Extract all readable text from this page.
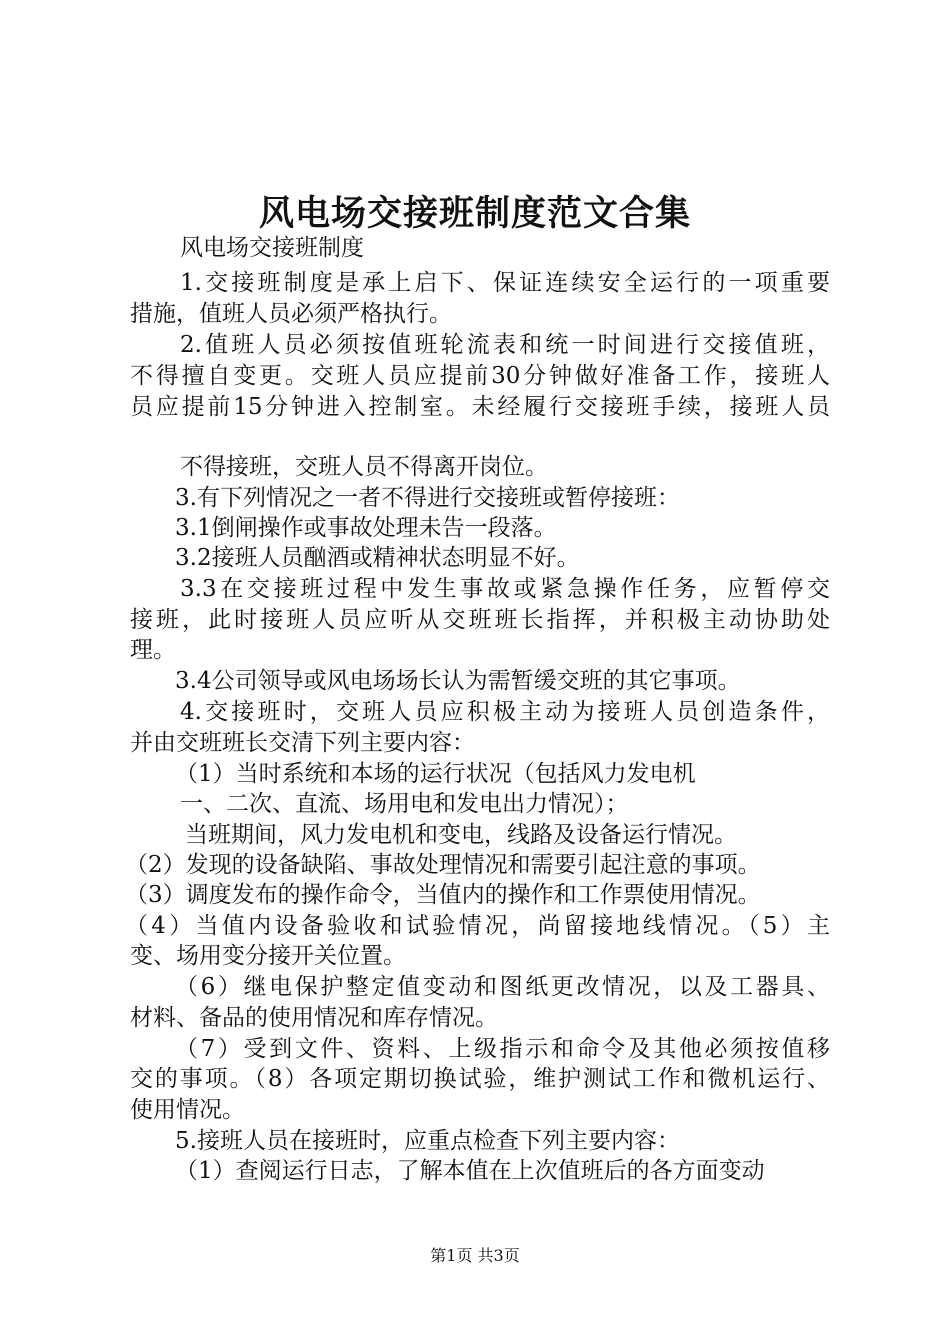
风电场交接班制度范文合集
风电场交接班制度
1.交接班制度是承上启下、保证连续安全运行的一项重要
措施，值班人员必须严格执行。
2.值班人员必须按值班轮流表和统一时间进行交接值班，
不得擅自变更。交班人员应提前30分钟做好准备工作，接班人
员应提前15分钟进入控制室。未经履行交接班手续，接班人员
不得接班，交班人员不得离开岗位。
3.有下列情况之一者不得进行交接班或暂停接班：
3.1倒闸操作或事故处理未告一段落。
3.2接班人员酗酒或精神状态明显不好。
3.3在交接班过程中发生事故或紧急操作任务，应暂停交
接班，此时接班人员应听从交班班长指挥，并积极主动协助处
理。
3.4公司领导或风电场场长认为需暂缓交班的其它事项。
4.交接班时，交班人员应积极主动为接班人员创造条件，
并由交班班长交清下列主要内容：
（1）当时系统和本场的运行状况（包括风力发电机
一、二次、直流、场用电和发电出力情况）；
当班期间，风力发电机和变电，线路及设备运行情况。
（2）发现的设备缺陷、事故处理情况和需要引起注意的事项。
（3）调度发布的操作命令，当值内的操作和工作票使用情况。
（4）当值内设备验收和试验情况，尚留接地线情况。（5）主
变、场用变分接开关位置。
（6）继电保护整定值变动和图纸更改情况，以及工器具、
材料、备品的使用情况和库存情况。
（7）受到文件、资料、上级指示和命令及其他必须按值移
交的事项。（8）各项定期切换试验，维护测试工作和微机运行、
使用情况。
5.接班人员在接班时，应重点检查下列主要内容：
（1）查阅运行日志，了解本值在上次值班后的各方面变动
第1页 共3页
